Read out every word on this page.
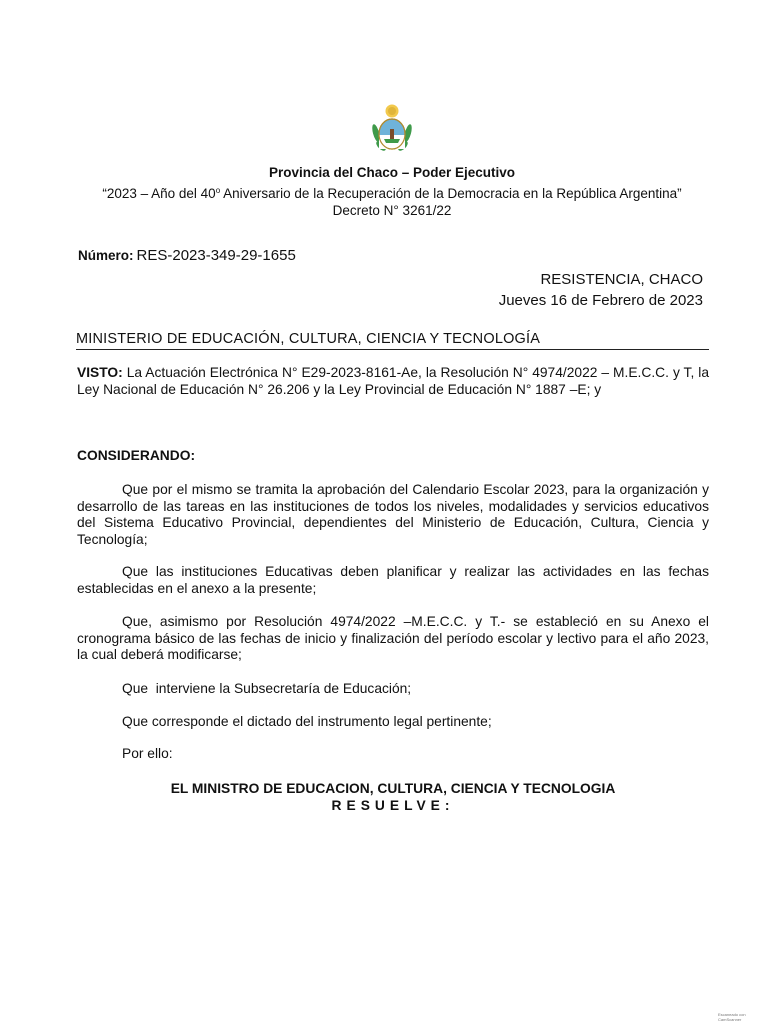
Provincia del Chaco – Poder Ejecutivo
“2023 – Año del 40$^o$ Aniversario de la Recuperación de la Democracia en la República Argentina” Decreto N° 3261/22
Número: RES-2023-349-29-1655
RESISTENCIA, CHACO
Jueves 16 de Febrero de 2023
MINISTERIO DE EDUCACIÓN, CULTURA, CIENCIA Y TECNOLOGÍA

VISTO: La Actuación Electrónica N° E29-2023-8161-Ae, la Resolución N° 4974/2022 – M.E.C.C. y T, la Ley Nacional de Educación N° 26.206 y la Ley Provincial de Educación N° 1887 –E; y

CONSIDERANDO:

Que por el mismo se tramita la aprobación del Calendario Escolar 2023, para la organización y desarrollo de las tareas en las instituciones de todos los niveles, modalidades y servicios educativos del Sistema Educativo Provincial, dependientes del Ministerio de Educación, Cultura, Ciencia y Tecnología;

Que las instituciones Educativas deben planificar y realizar las actividades en las fechas establecidas en el anexo a la presente;

Que, asimismo por Resolución 4974/2022 –M.E.C.C. y T.- se estableció en su Anexo el cronograma básico de las fechas de inicio y finalización del período escolar y lectivo para el año 2023, la cual deberá modificarse;

Que  interviene la Subsecretaría de Educación;
Que corresponde el dictado del instrumento legal pertinente;
Por ello:
EL MINISTRO DE EDUCACION, CULTURA, CIENCIA Y TECNOLOGIA
RESUELVE:
Escaneado con CamScanner
